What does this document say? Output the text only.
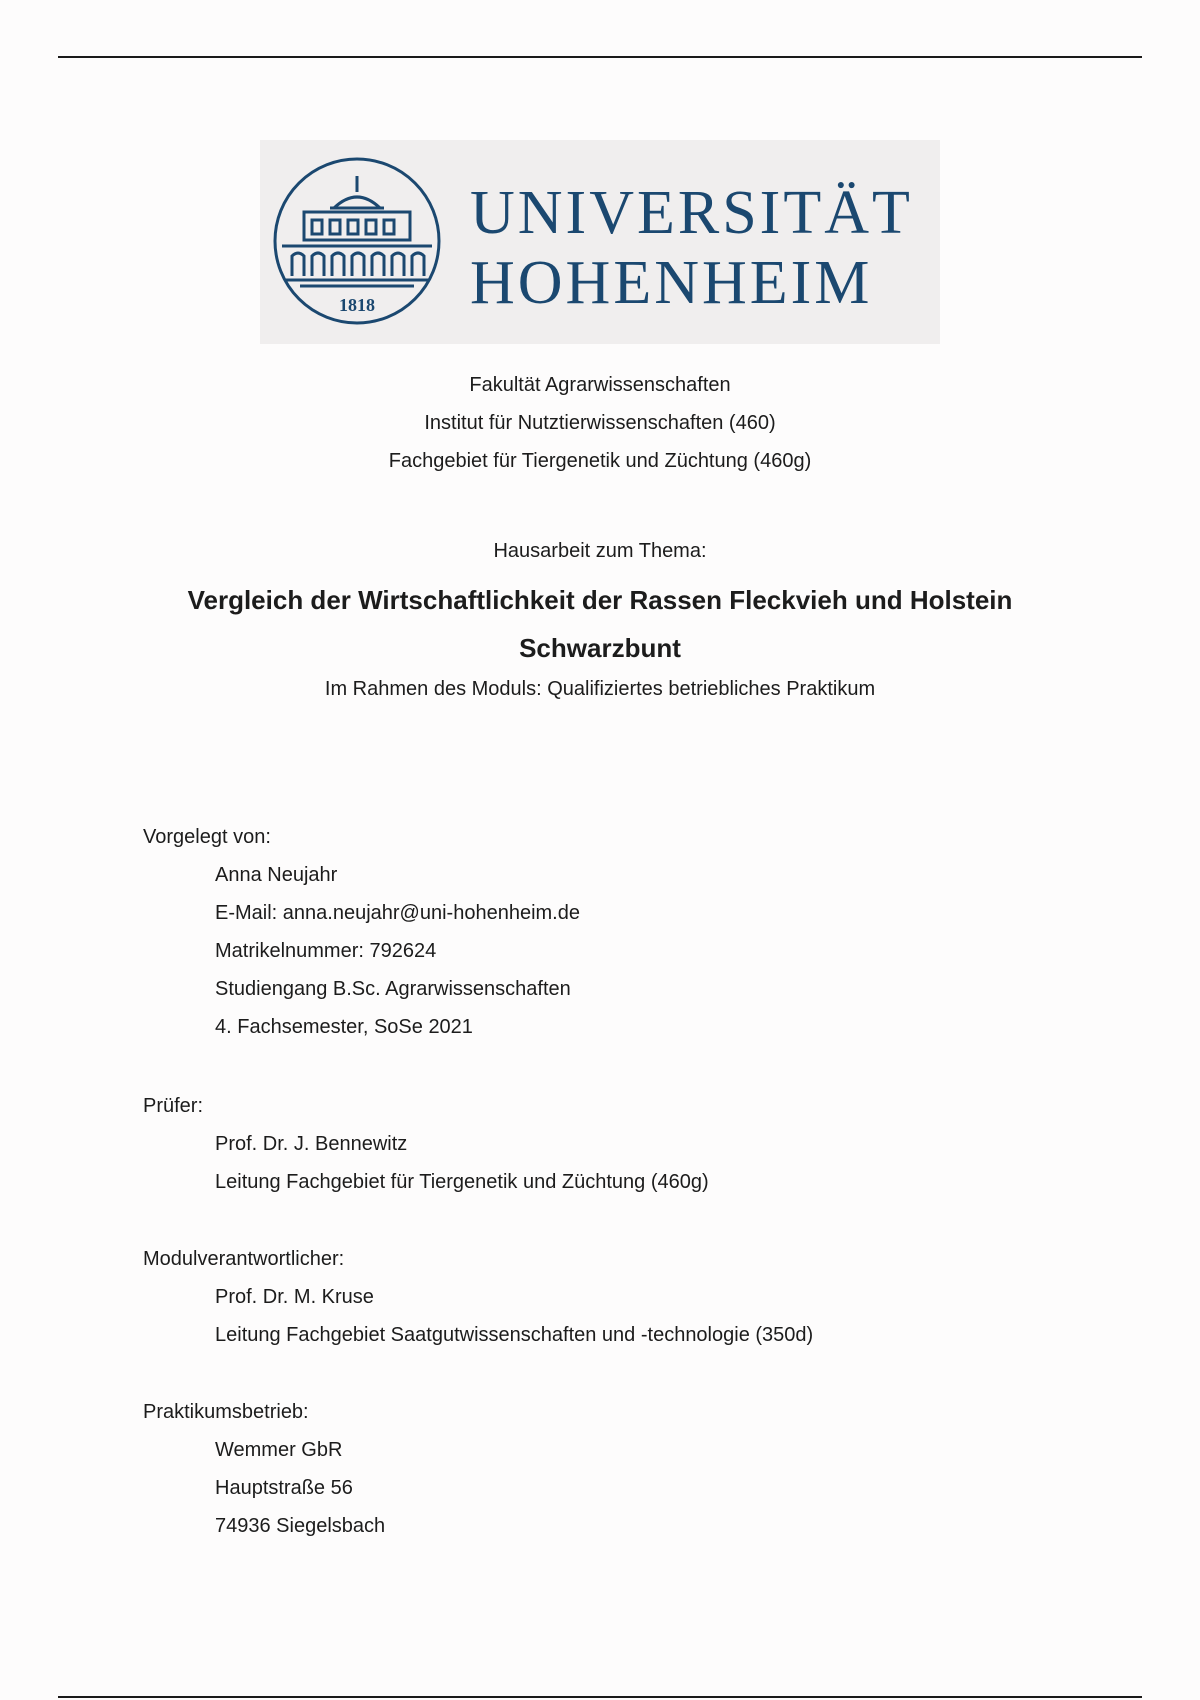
1818
UNIVERSITÄT
HOHENHEIM
Fakultät Agrarwissenschaften
Institut für Nutztierwissenschaften (460)
Fachgebiet für Tiergenetik und Züchtung (460g)
Hausarbeit zum Thema:
Vergleich der Wirtschaftlichkeit der Rassen Fleckvieh und Holstein
Schwarzbunt
Im Rahmen des Moduls: Qualifiziertes betriebliches Praktikum
Vorgelegt von:
Anna Neujahr
E-Mail: anna.neujahr@uni-hohenheim.de
Matrikelnummer: 792624
Studiengang B.Sc. Agrarwissenschaften
4. Fachsemester, SoSe 2021
Prüfer:
Prof. Dr. J. Bennewitz
Leitung Fachgebiet für Tiergenetik und Züchtung (460g)
Modulverantwortlicher:
Prof. Dr. M. Kruse
Leitung Fachgebiet Saatgutwissenschaften und -technologie (350d)
Praktikumsbetrieb:
Wemmer GbR
Hauptstraße 56
74936 Siegelsbach
